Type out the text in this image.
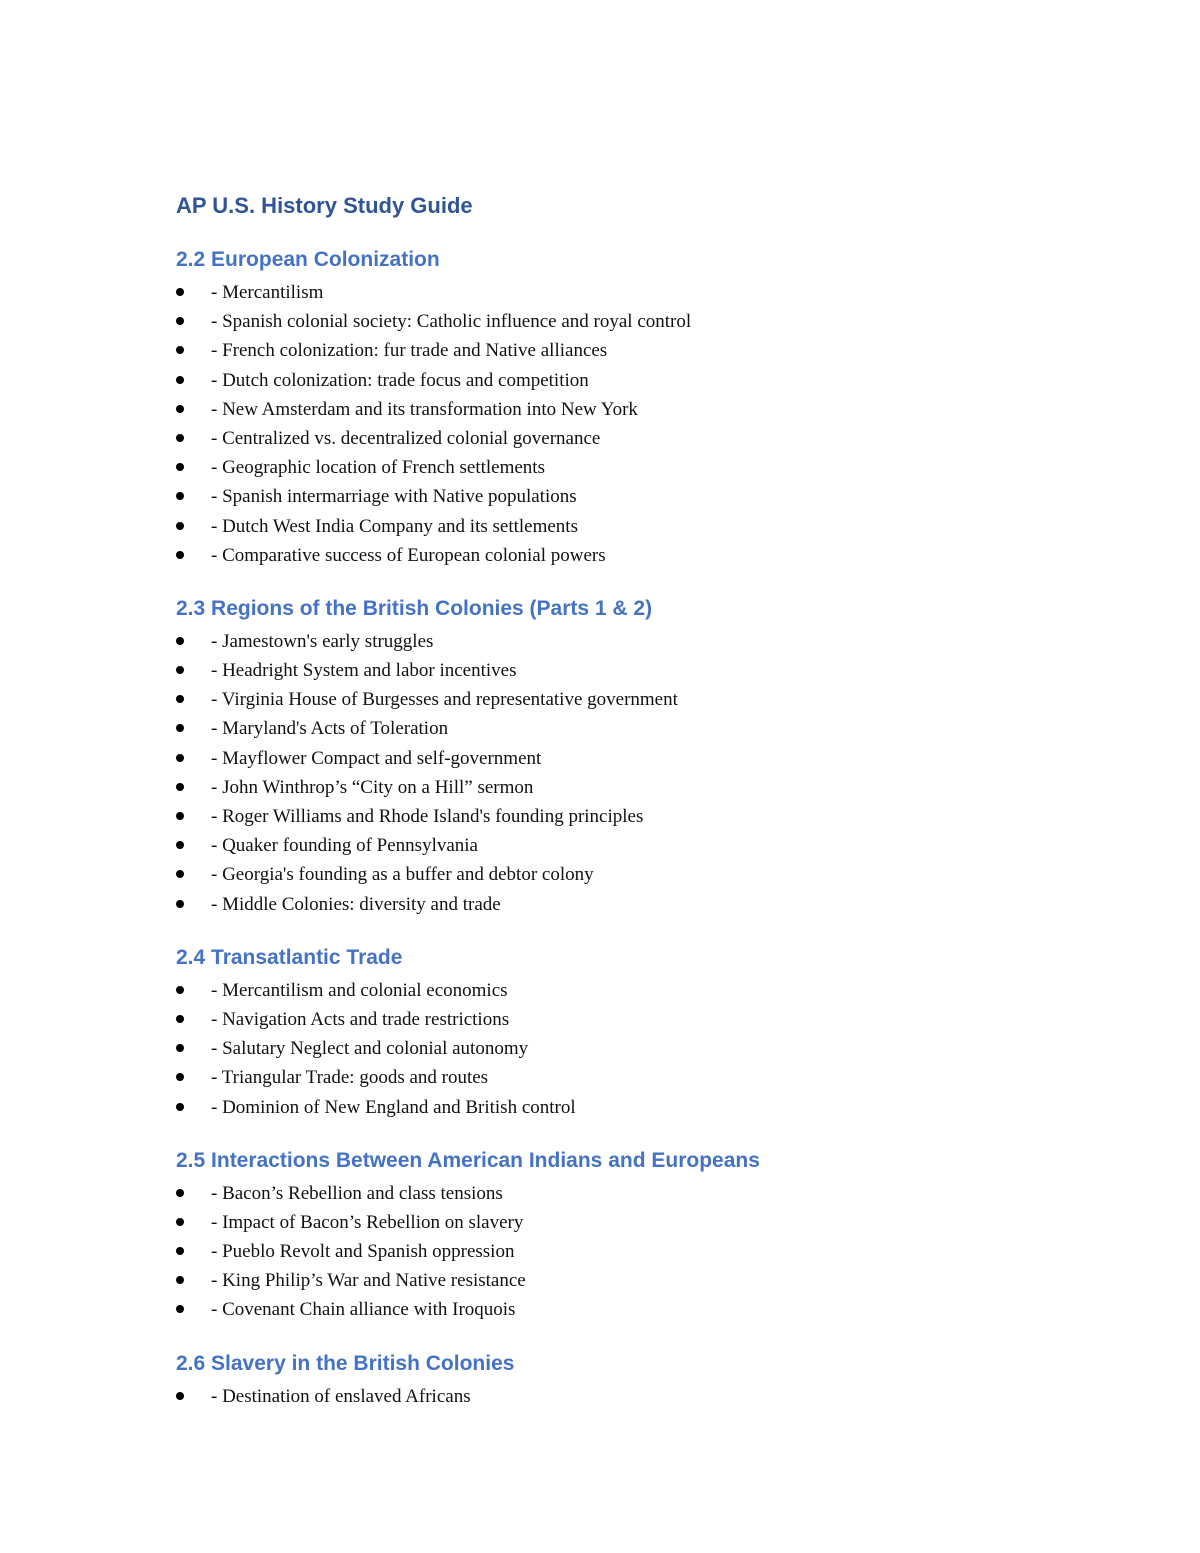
AP U.S. History Study Guide
2.2 European Colonization
- Mercantilism
- Spanish colonial society: Catholic influence and royal control
- French colonization: fur trade and Native alliances
- Dutch colonization: trade focus and competition
- New Amsterdam and its transformation into New York
- Centralized vs. decentralized colonial governance
- Geographic location of French settlements
- Spanish intermarriage with Native populations
- Dutch West India Company and its settlements
- Comparative success of European colonial powers
2.3 Regions of the British Colonies (Parts 1 & 2)
- Jamestown's early struggles
- Headright System and labor incentives
- Virginia House of Burgesses and representative government
- Maryland's Acts of Toleration
- Mayflower Compact and self-government
- John Winthrop’s “City on a Hill” sermon
- Roger Williams and Rhode Island's founding principles
- Quaker founding of Pennsylvania
- Georgia's founding as a buffer and debtor colony
- Middle Colonies: diversity and trade
2.4 Transatlantic Trade
- Mercantilism and colonial economics
- Navigation Acts and trade restrictions
- Salutary Neglect and colonial autonomy
- Triangular Trade: goods and routes
- Dominion of New England and British control
2.5 Interactions Between American Indians and Europeans
- Bacon’s Rebellion and class tensions
- Impact of Bacon’s Rebellion on slavery
- Pueblo Revolt and Spanish oppression
- King Philip’s War and Native resistance
- Covenant Chain alliance with Iroquois
2.6 Slavery in the British Colonies
- Destination of enslaved Africans
